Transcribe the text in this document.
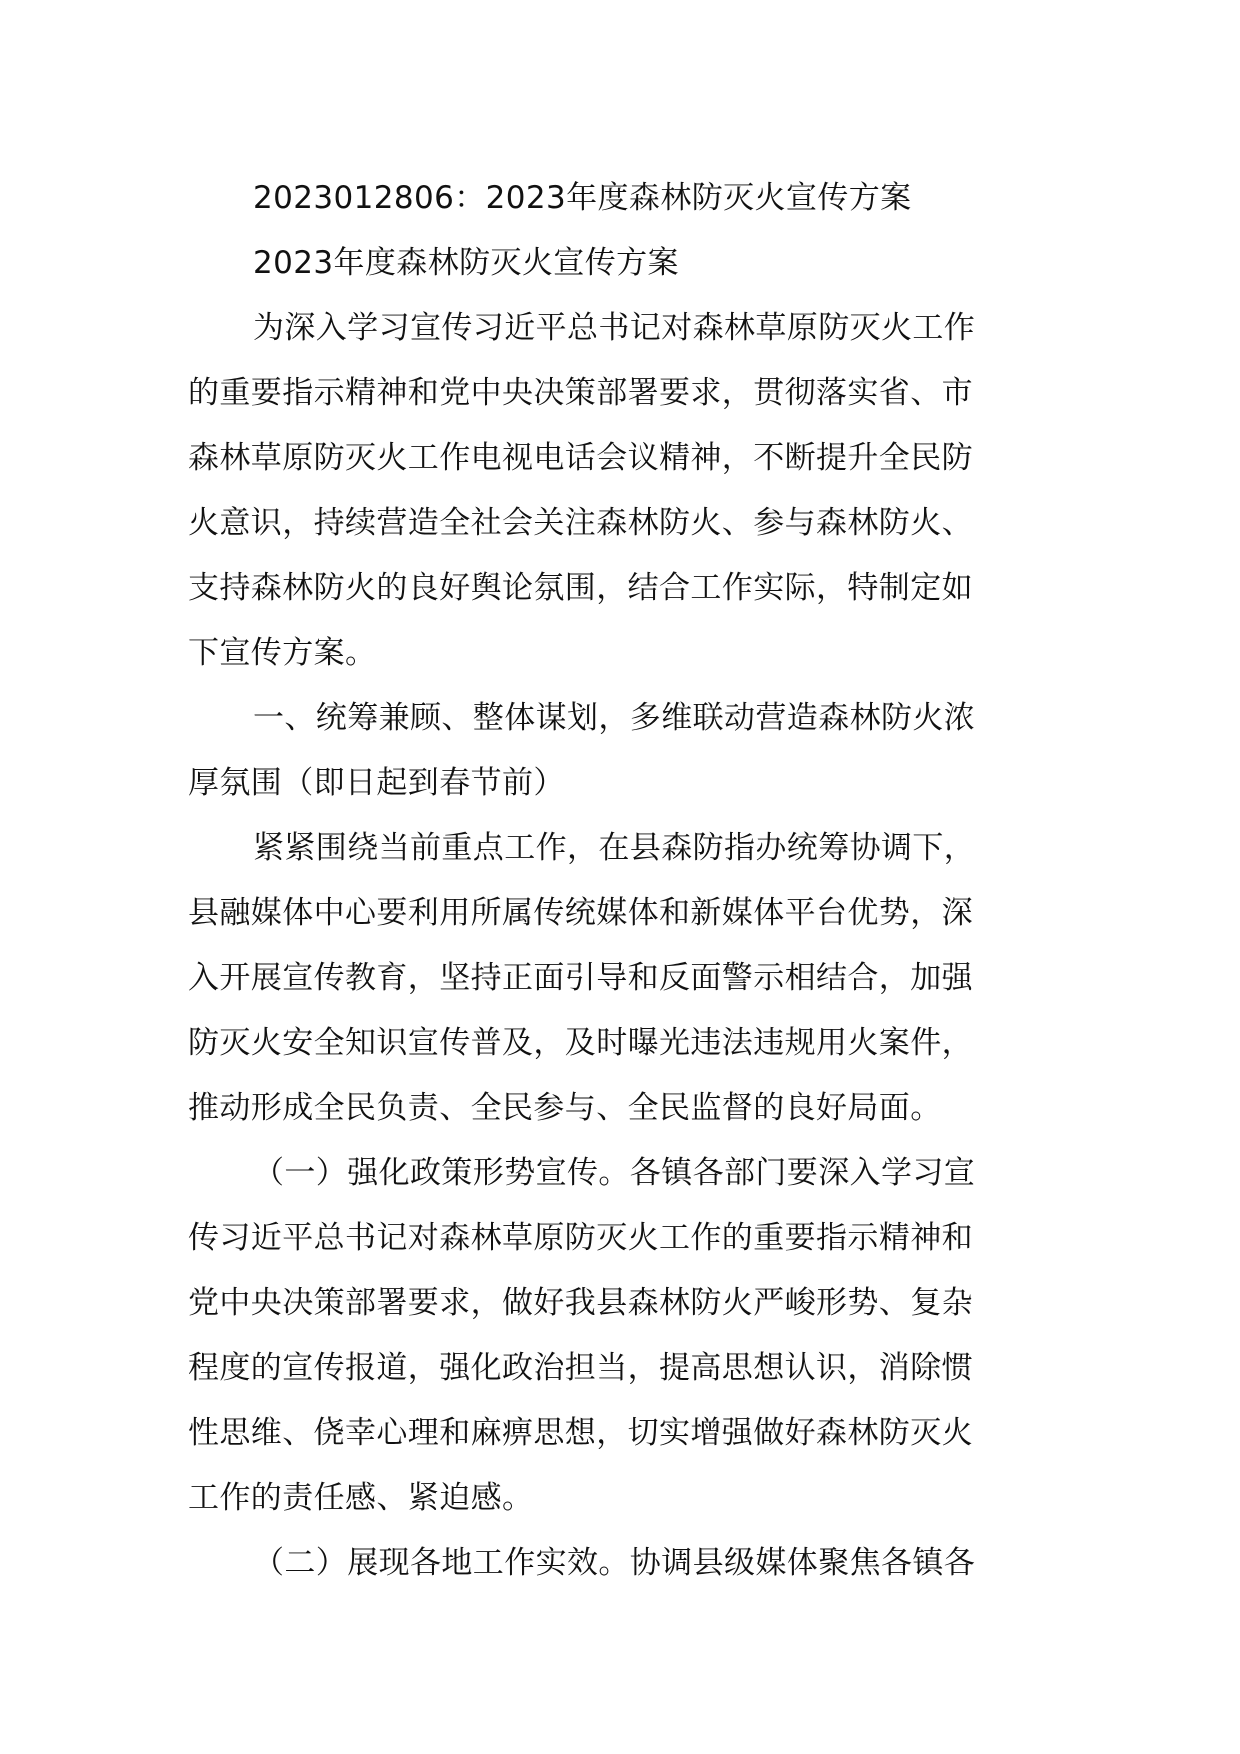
2023012806：2023年度森林防灭火宣传方案

2023年度森林防灭火宣传方案

为深入学习宣传习近平总书记对森林草原防灭火工作

的重要指示精神和党中央决策部署要求，贯彻落实省、市

森林草原防灭火工作电视电话会议精神，不断提升全民防

火意识，持续营造全社会关注森林防火、参与森林防火、

支持森林防火的良好舆论氛围，结合工作实际，特制定如

下宣传方案。

一、统筹兼顾、整体谋划，多维联动营造森林防火浓

厚氛围（即日起到春节前）

紧紧围绕当前重点工作，在县森防指办统筹协调下，

县融媒体中心要利用所属传统媒体和新媒体平台优势，深

入开展宣传教育，坚持正面引导和反面警示相结合，加强

防灭火安全知识宣传普及，及时曝光违法违规用火案件，

推动形成全民负责、全民参与、全民监督的良好局面。

（一）强化政策形势宣传。各镇各部门要深入学习宣

传习近平总书记对森林草原防灭火工作的重要指示精神和

党中央决策部署要求，做好我县森林防火严峻形势、复杂

程度的宣传报道，强化政治担当，提高思想认识，消除惯

性思维、侥幸心理和麻痹思想，切实增强做好森林防灭火

工作的责任感、紧迫感。

（二）展现各地工作实效。协调县级媒体聚焦各镇各
